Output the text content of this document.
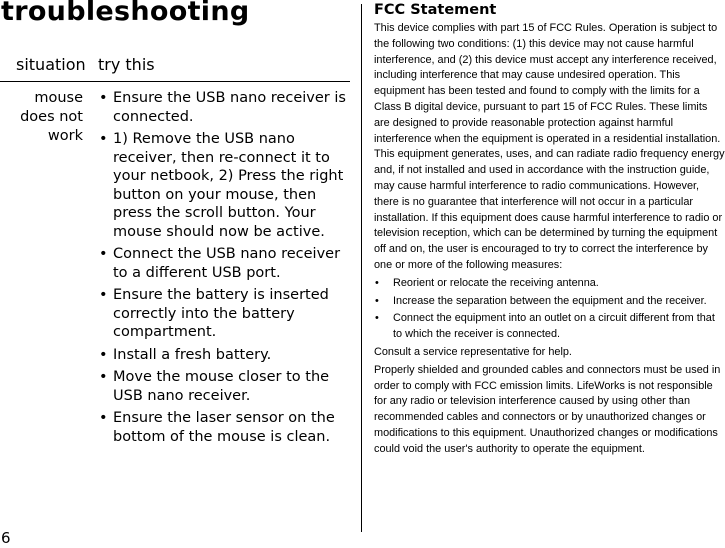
troubleshooting
situation try this
mouse
does not
work
• Ensure the USB nano receiver is connected.
• 1) Remove the USB nano receiver, then re-connect it to your netbook, 2) Press the right button on your mouse, then press the scroll button. Your mouse should now be active.
• Connect the USB nano receiver to a different USB port.
• Ensure the battery is inserted correctly into the battery compartment.
• Install a fresh battery.
• Move the mouse closer to the USB nano receiver.
• Ensure the laser sensor on the bottom of the mouse is clean.
6
FCC Statement

This device complies with part 15 of FCC Rules. Operation is subject to the following two conditions: (1) this device may not cause harmful interference, and (2) this device must accept any interference received, including interference that may cause undesired operation. This equipment has been tested and found to comply with the limits for a Class B digital device, pursuant to part 15 of FCC Rules. These limits are designed to provide reasonable protection against harmful interference when the equipment is operated in a residential installation. This equipment generates, uses, and can radiate radio frequency energy and, if not installed and used in accordance with the instruction guide, may cause harmful interference to radio communications. However, there is no guarantee that interference will not occur in a particular installation. If this equipment does cause harmful interference to radio or television reception, which can be determined by turning the equipment off and on, the user is encouraged to try to correct the interference by one or more of the following measures:

• Reorient or relocate the receiving antenna.
• Increase the separation between the equipment and the receiver.
• Connect the equipment into an outlet on a circuit different from that to which the receiver is connected.

Consult a service representative for help.

Properly shielded and grounded cables and connectors must be used in order to comply with FCC emission limits. LifeWorks is not responsible for any radio or television interference caused by using other than recommended cables and connectors or by unauthorized changes or modifications to this equipment. Unauthorized changes or modifications could void the user's authority to operate the equipment.
